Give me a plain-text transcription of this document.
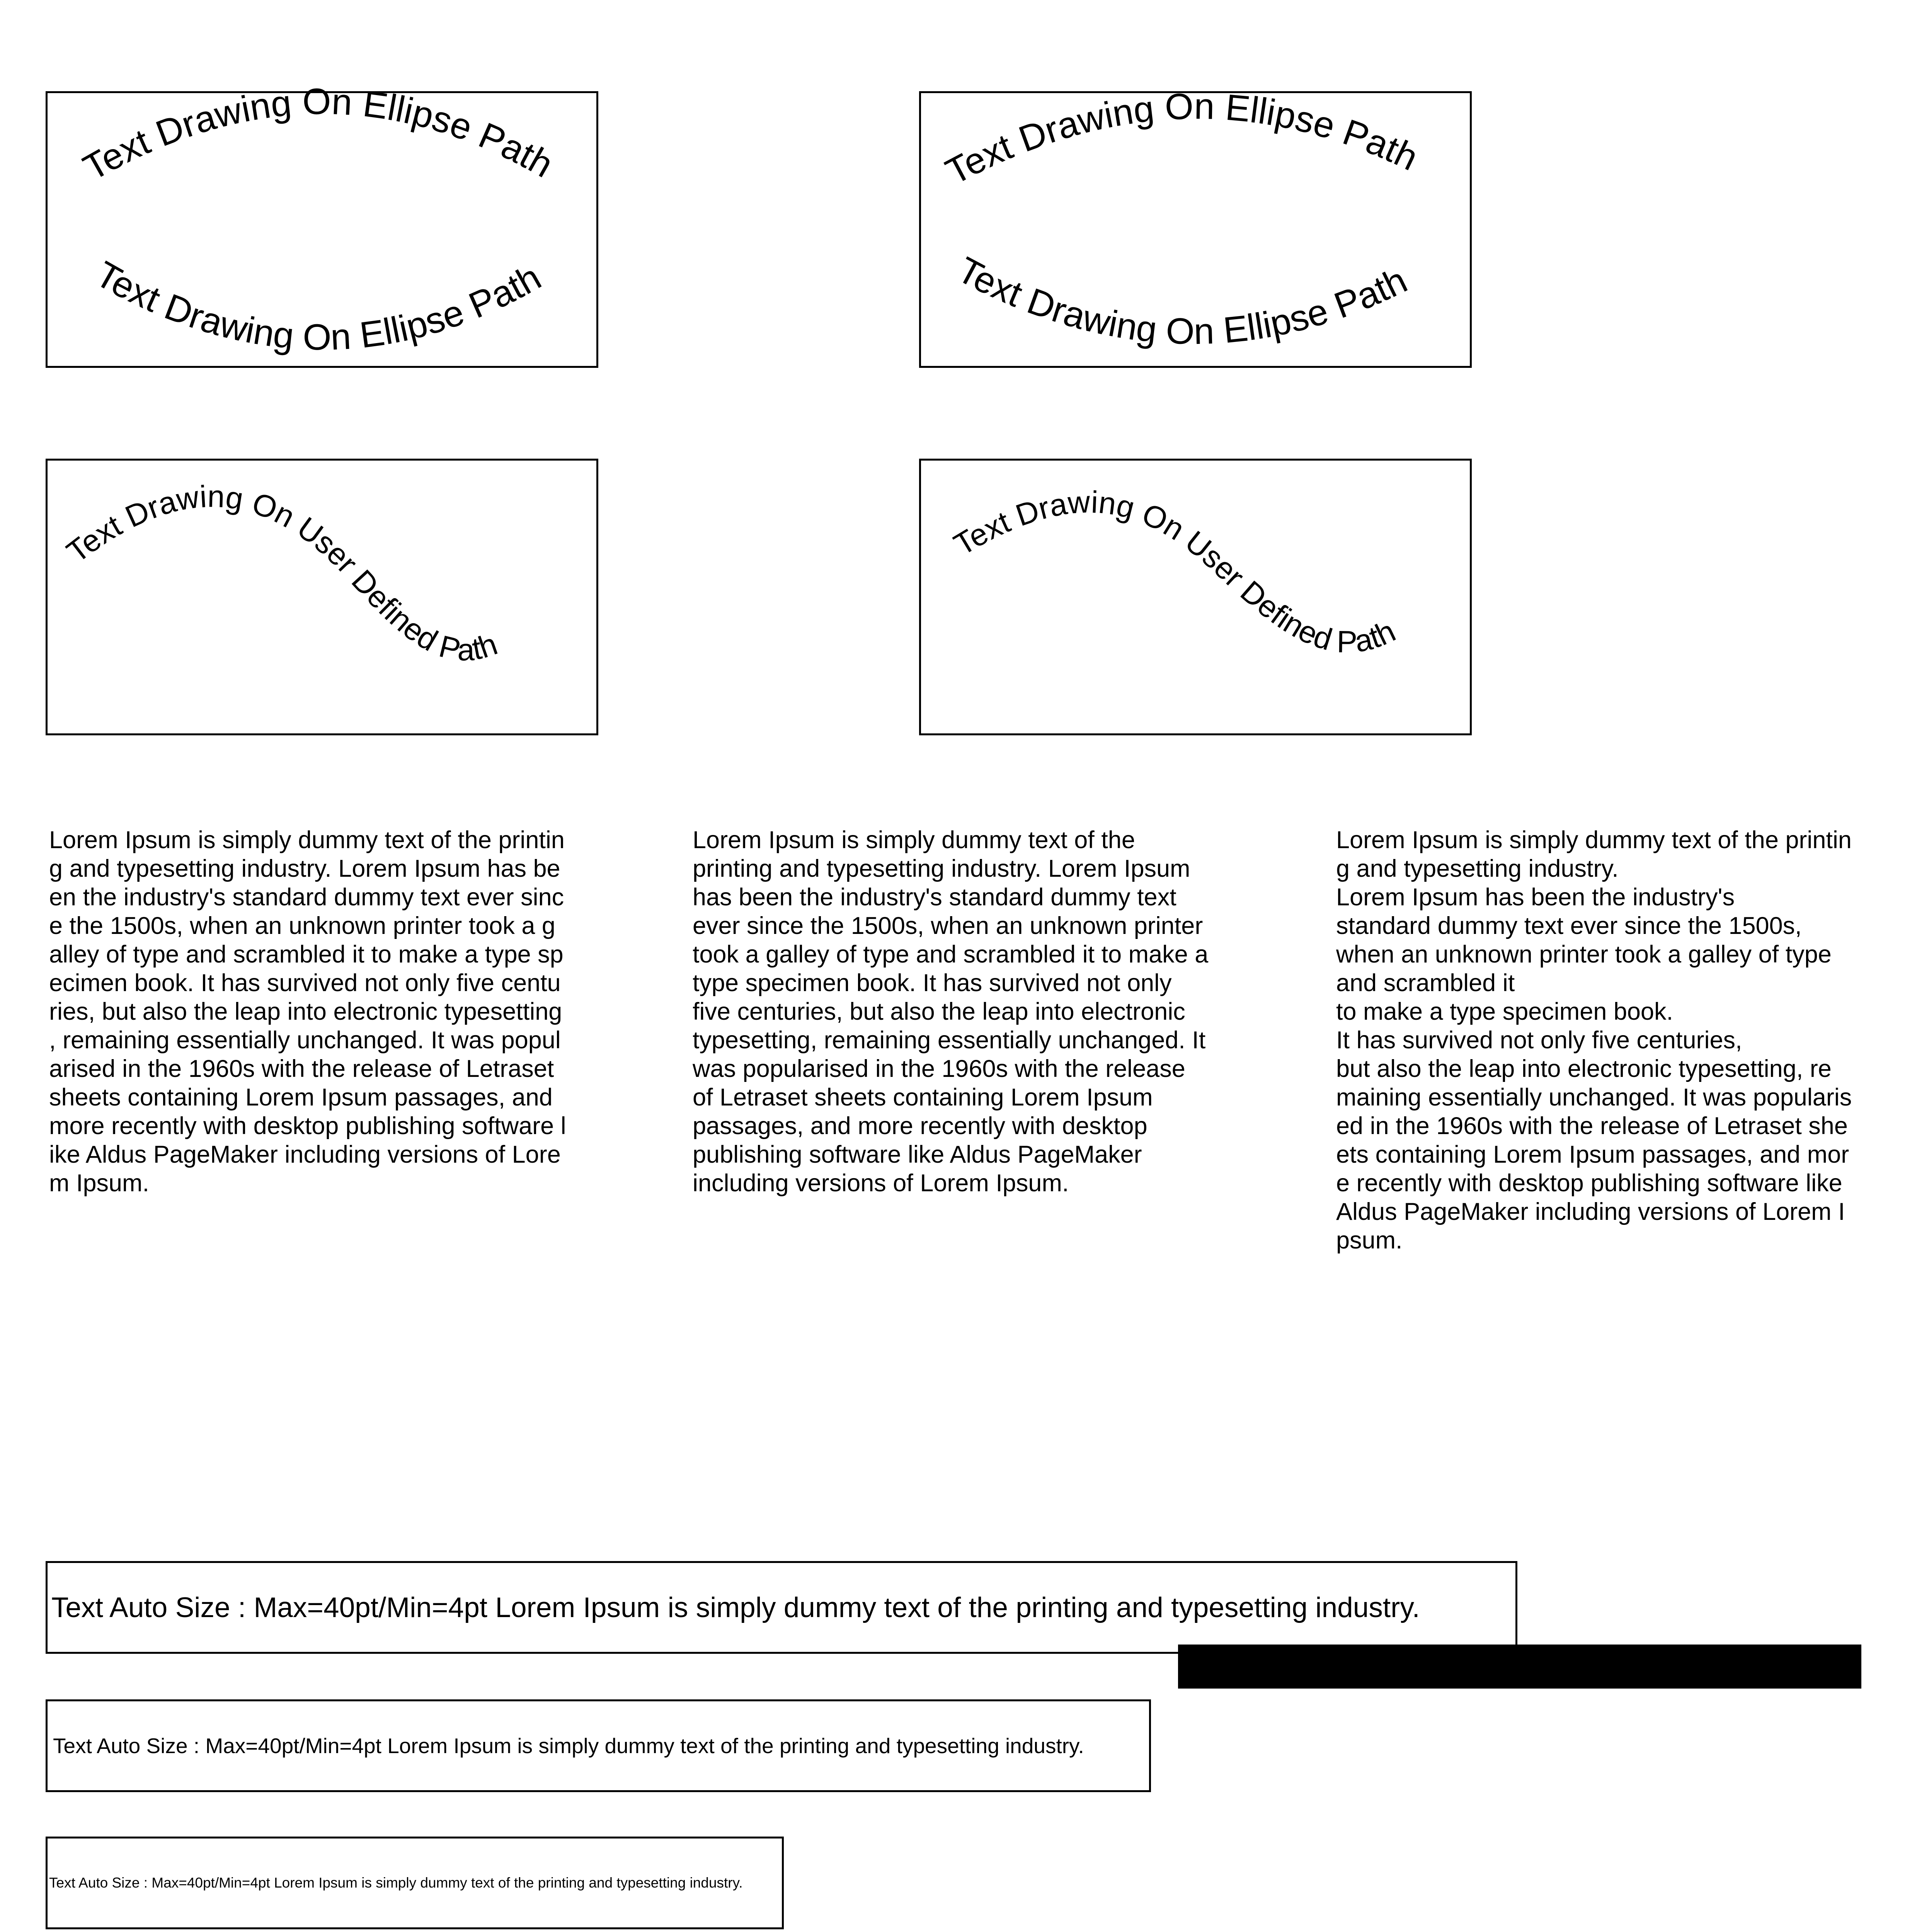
Text Drawing On Ellipse Path
Text Drawing On Ellipse Path
Text Drawing On Ellipse Path
Text Drawing On Ellipse Path
Text Drawing On User Defined Path
Text Drawing On User Defined Path
Lorem Ipsum is simply dummy text of the printin
g and typesetting industry. Lorem Ipsum has be
en the industry's standard dummy text ever sinc
e the 1500s, when an unknown printer took a g
alley of type and scrambled it to make a type sp
ecimen book. It has survived not only five centu
ries, but also the leap into electronic typesetting
, remaining essentially unchanged. It was popul
arised in the 1960s with the release of Letraset
sheets containing Lorem Ipsum passages, and
more recently with desktop publishing software l
ike Aldus PageMaker including versions of Lore
m Ipsum.
Lorem Ipsum is simply dummy text of the
printing and typesetting industry. Lorem Ipsum
has been the industry's standard dummy text
ever since the 1500s, when an unknown printer
took a galley of type and scrambled it to make a
type specimen book. It has survived not only
five centuries, but also the leap into electronic
typesetting, remaining essentially unchanged. It
was popularised in the 1960s with the release
of Letraset sheets containing Lorem Ipsum
passages, and more recently with desktop
publishing software like Aldus PageMaker
including versions of Lorem Ipsum.
Lorem Ipsum is simply dummy text of the printin
g and typesetting industry.
Lorem Ipsum has been the industry's
standard dummy text ever since the 1500s,
when an unknown printer took a galley of type
and scrambled it
to make a type specimen book.
It has survived not only five centuries,
but also the leap into electronic typesetting, re
maining essentially unchanged. It was popularis
ed in the 1960s with the release of Letraset she
ets containing Lorem Ipsum passages, and mor
e recently with desktop publishing software like
Aldus PageMaker including versions of Lorem I
psum.
Text Auto Size : Max=40pt/Min=4pt Lorem Ipsum is simply dummy text of the printing and typesetting industry.
Text Auto Size : Max=40pt/Min=4pt Lorem Ipsum is simply dummy text of the printing and typesetting industry.
Text Auto Size : Max=40pt/Min=4pt Lorem Ipsum is simply dummy text of the printing and typesetting industry.
